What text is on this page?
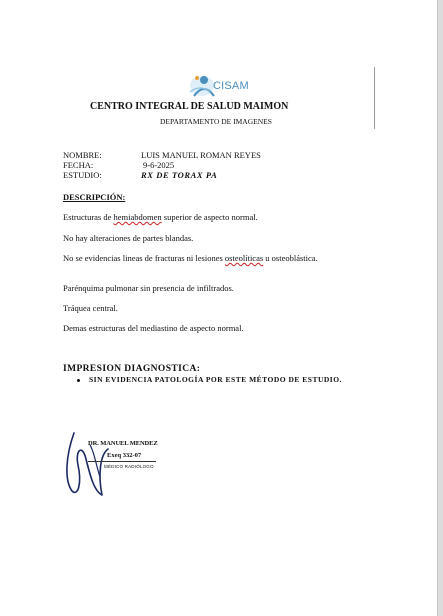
CISAM
CENTRO INTEGRAL DE SALUD MAIMON
DEPARTAMENTO DE IMAGENES
NOMBRE:	LUIS MANUEL ROMAN REYES
FECHA:	9-6-2025
ESTUDIO:	RX DE TORAX PA
DESCRIPCIÓN:
Estructuras de hemiabdomen superior de aspecto normal.
No hay alteraciones de partes blandas.
No se evidencias lineas de fracturas ni lesiones osteolíticas u osteoblástica.
Parénquima pulmonar sin presencia de infiltrados.
Tráquea central.
Demas estructuras del mediastino de aspecto normal.
IMPRESION DIAGNOSTICA:
SIN EVIDENCIA PATOLOGÍA POR ESTE MÉTODO DE ESTUDIO.
DR. MANUEL MENDEZ
Exeq 332-07
MÉDICO RADIÓLOGO
